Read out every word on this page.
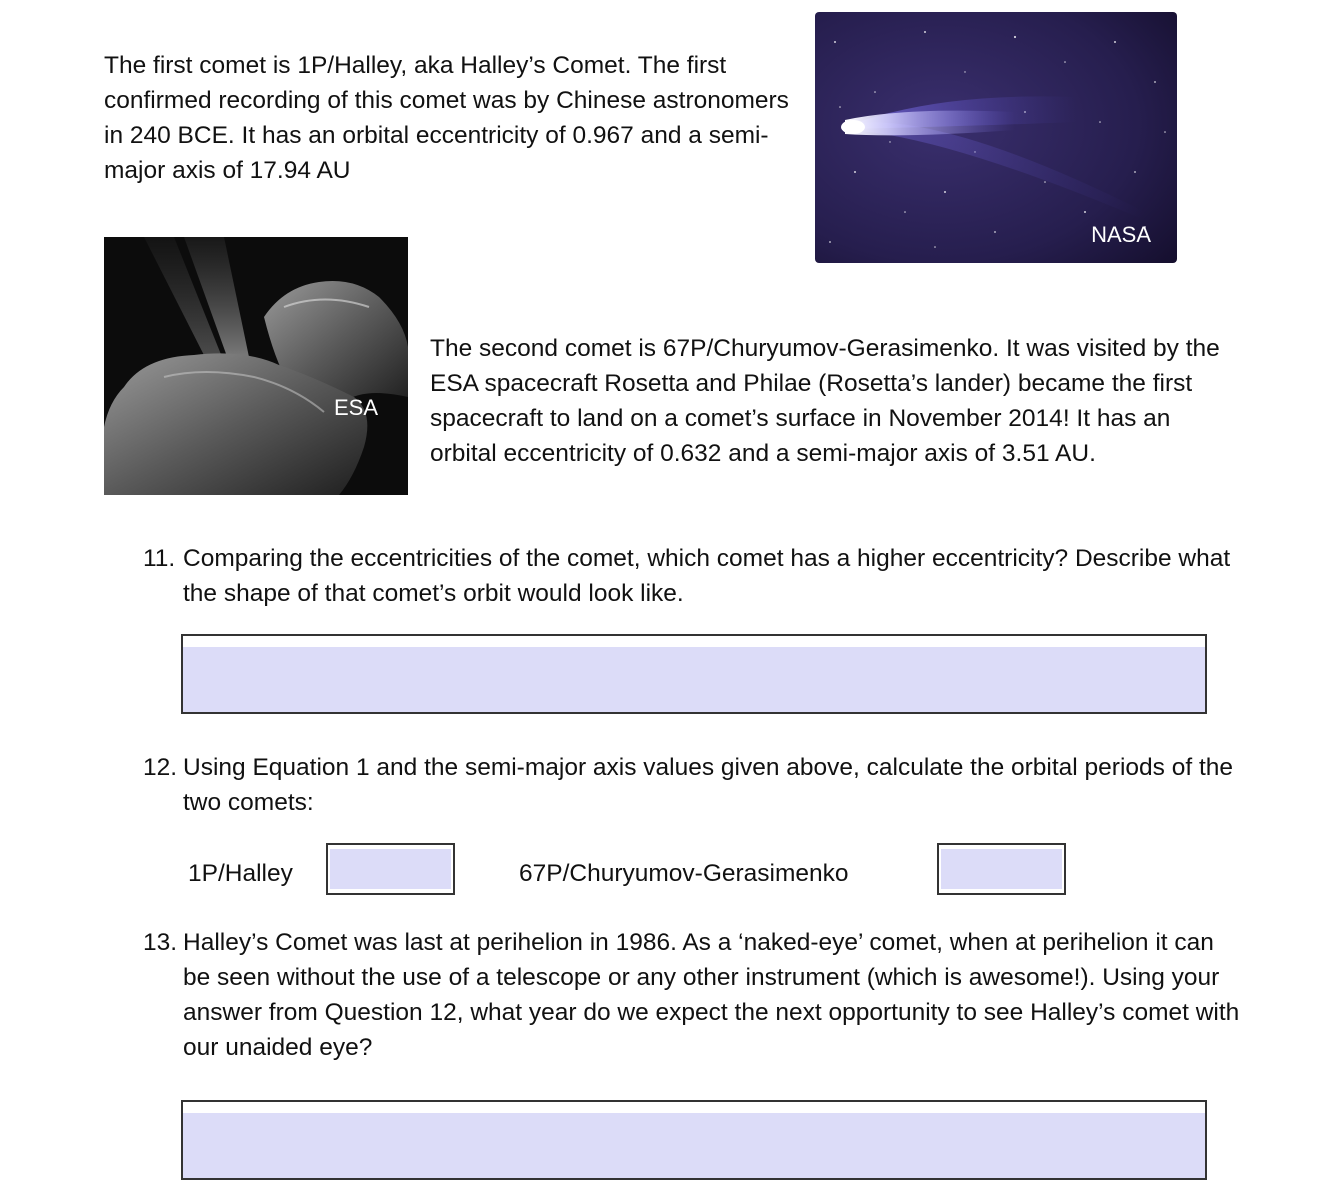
The first comet is 1P/Halley, aka Halley’s Comet. The first confirmed recording of this comet was by Chinese astronomers in 240 BCE. It has an orbital eccentricity of 0.967 and a semi-major axis of 17.94 AU

NASA
ESA

The second comet is 67P/Churyumov-Gerasimenko. It was visited by the ESA spacecraft Rosetta and Philae (Rosetta’s lander) became the first spacecraft to land on a comet’s surface in November 2014! It has an orbital eccentricity of 0.632 and a semi-major axis of 3.51 AU.

11. Comparing the eccentricities of the comet, which comet has a higher eccentricity? Describe what the shape of that comet’s orbit would look like.
12. Using Equation 1 and the semi-major axis values given above, calculate the orbital periods of the two comets:
1P/Halley	67P/Churyumov-Gerasimenko
13. Halley’s Comet was last at perihelion in 1986. As a ‘naked-eye’ comet, when at perihelion it can be seen without the use of a telescope or any other instrument (which is awesome!). Using your answer from Question 12, what year do we expect the next opportunity to see Halley’s comet with our unaided eye?
